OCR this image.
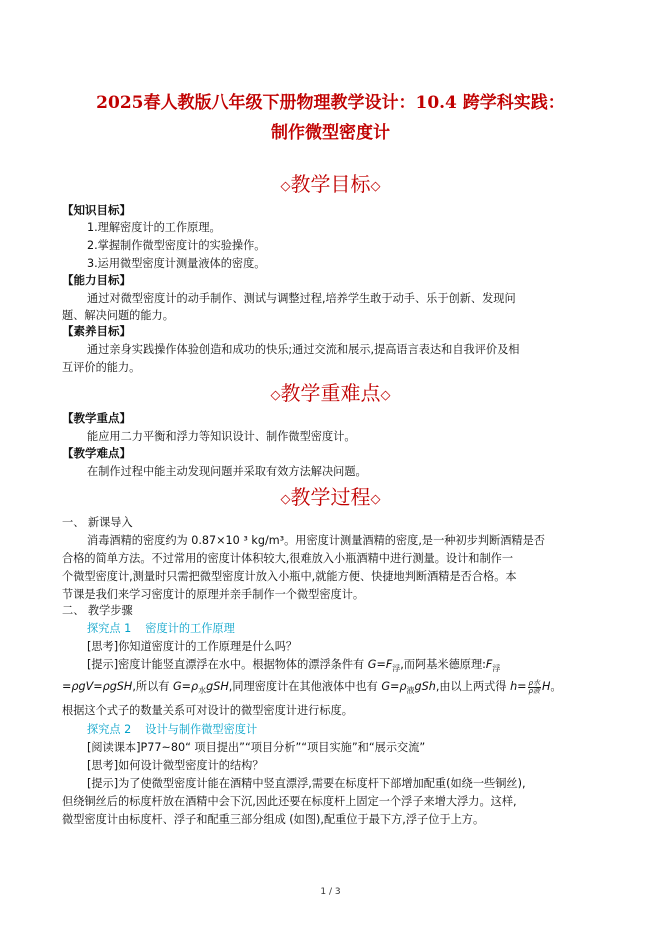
2025春人教版八年级下册物理教学设计：10.4 跨学科实践：
制作微型密度计
◇教学目标◇
【知识目标】
1.理解密度计的工作原理。
2.掌握制作微型密度计的实验操作。
3.运用微型密度计测量液体的密度。
【能力目标】
通过对微型密度计的动手制作、测试与调整过程,培养学生敢于动手、乐于创新、发现问
题、解决问题的能力。
【素养目标】
通过亲身实践操作体验创造和成功的快乐;通过交流和展示,提高语言表达和自我评价及相
互评价的能力。
◇教学重难点◇
【教学重点】
能应用二力平衡和浮力等知识设计、制作微型密度计。
【教学难点】
在制作过程中能主动发现问题并采取有效方法解决问题。
◇教学过程◇
一、 新课导入
消毒酒精的密度约为 0.87×10 ³ kg/m³。用密度计测量酒精的密度,是一种初步判断酒精是否
合格的简单方法。不过常用的密度计体积较大,很难放入小瓶酒精中进行测量。设计和制作一
个微型密度计,测量时只需把微型密度计放入小瓶中,就能方便、快捷地判断酒精是否合格。本
节课是我们来学习密度计的原理并亲手制作一个微型密度计。
二、 教学步骤
探究点 1 密度计的工作原理
[思考]你知道密度计的工作原理是什么吗？
[提示]密度计能竖直漂浮在水中。根据物体的漂浮条件有 $G=F_浮$,而阿基米德原理$:F_浮$
=ρgV=ρgSH,所以有 $G=\rho_水gSH$,同理密度计在其他液体中也有 $G=\rho_液gSh$,由以上两式得 $h= \frac{\text{ρ水}}{\text{ρ液}}$ H。
根据这个式子的数量关系可对设计的微型密度计进行标度。
探究点 2 设计与制作微型密度计
[阅读课本]P77~80“ 项目提出”“项目分析”“项目实施”和“展示交流”
[思考]如何设计微型密度计的结构？
[提示]为了使微型密度计能在酒精中竖直漂浮,需要在标度杆下部增加配重(如绕一些铜丝),
但绕铜丝后的标度杆放在酒精中会下沉,因此还要在标度杆上固定一个浮子来增大浮力。这样,
微型密度计由标度杆、浮子和配重三部分组成 (如图),配重位于最下方,浮子位于上方。
1 / 3
